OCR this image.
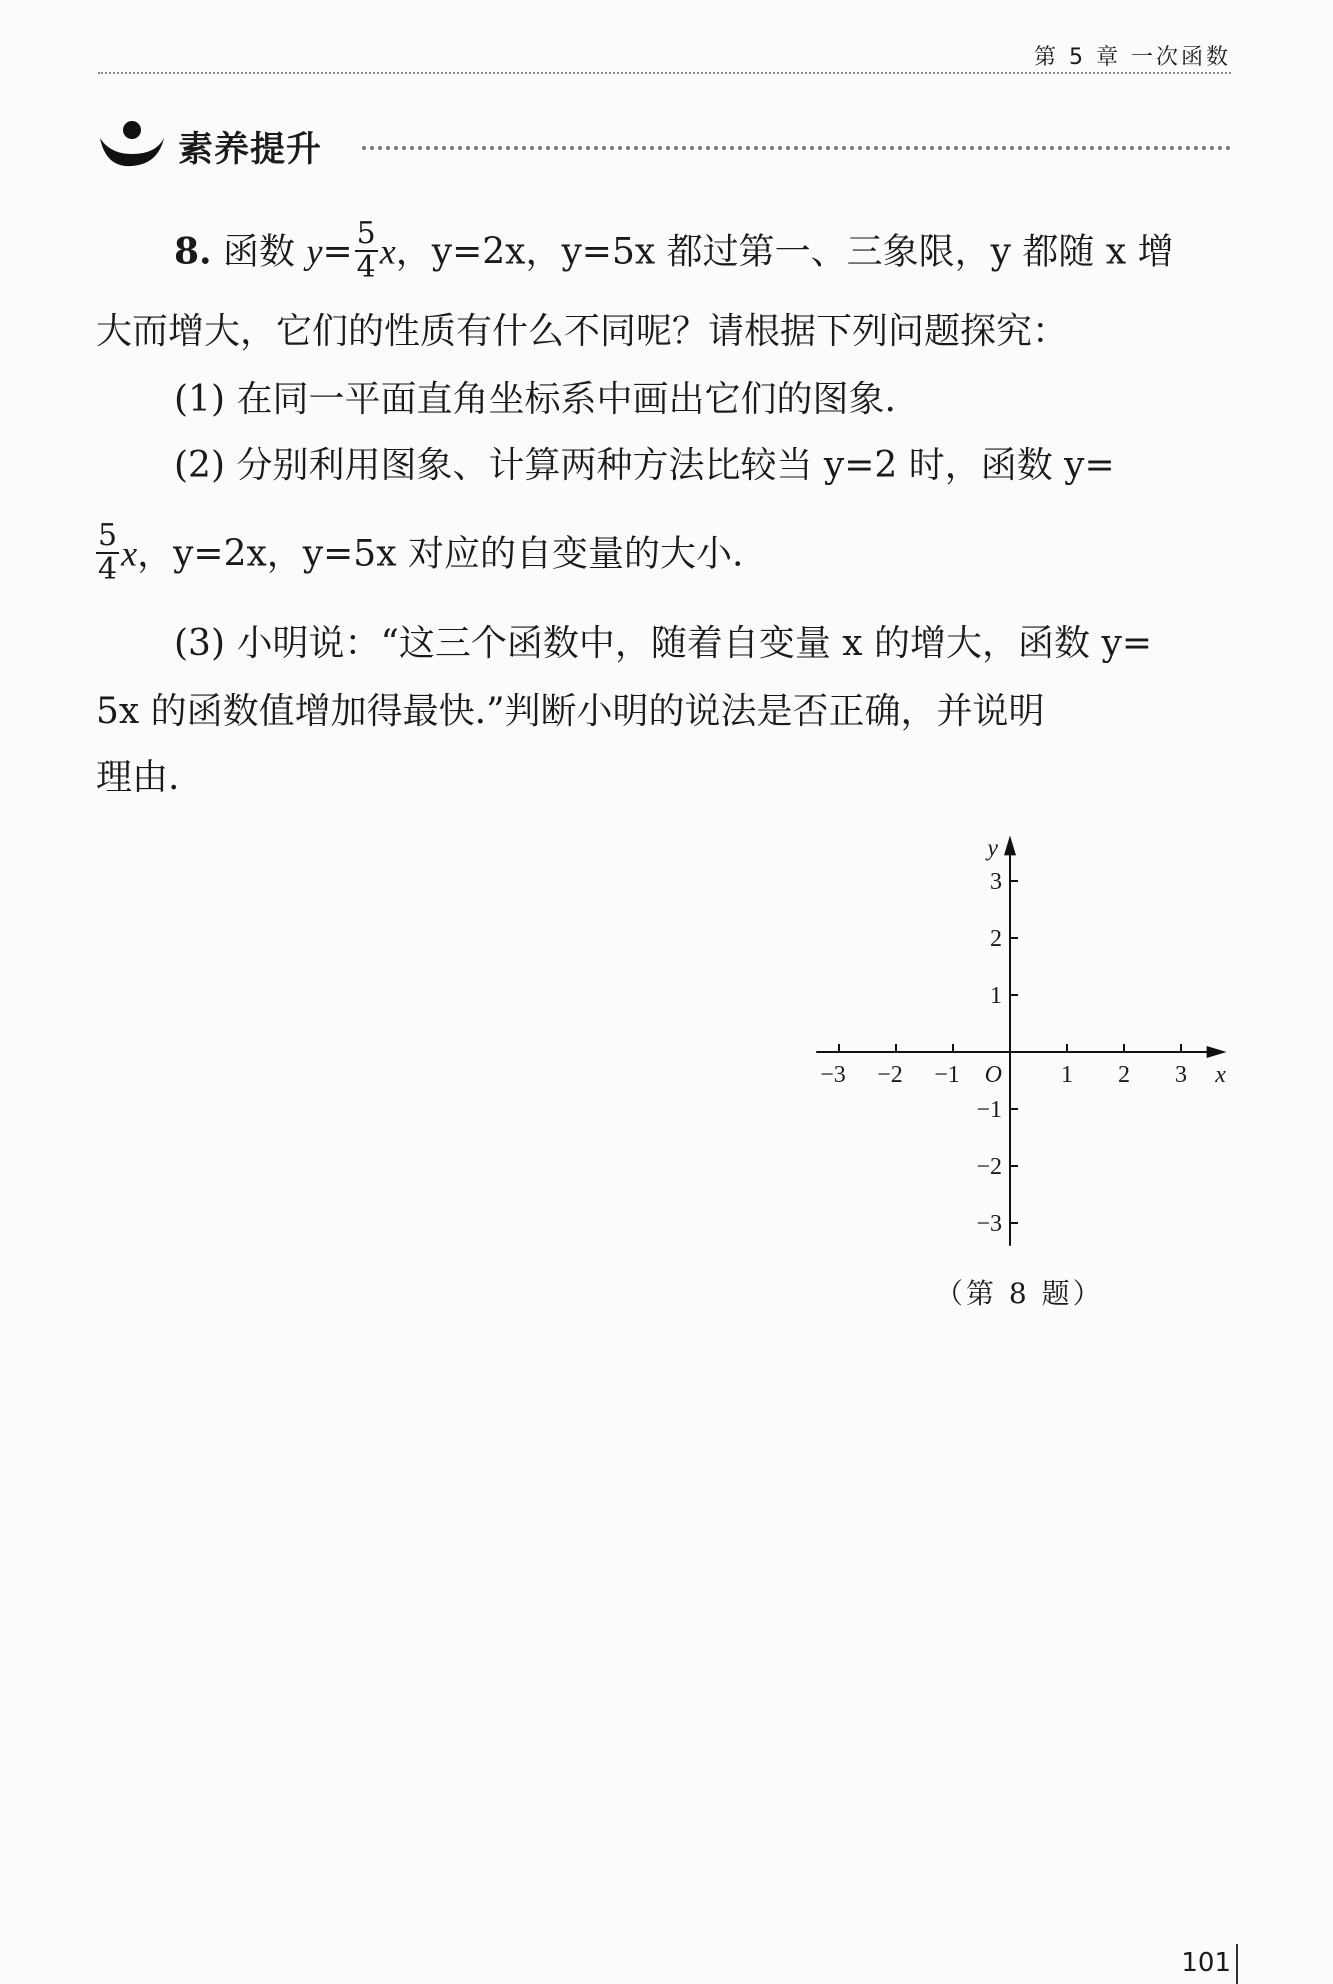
第 5 章 一次函数
素养提升
8. 函数 $y= \frac{5}{4}$ x，y=2x，y=5x 都过第一、三象限，y 都随 x 增
大而增大，它们的性质有什么不同呢？请根据下列问题探究：
(1) 在同一平面直角坐标系中画出它们的图象.
(2) 分别利用图象、计算两种方法比较当 y=2 时，函数 y=
$\frac{5}{4}$ x，y=2x，y=5x 对应的自变量的大小.
(3) 小明说：“这三个函数中，随着自变量 x 的增大，函数 y=
5x 的函数值增加得最快.”判断小明的说法是否正确，并说明
理由.
−3 −2 −1	1 2 3
−3
−2
−1
1
2
3
O	x
y
（第 8 题）
101
